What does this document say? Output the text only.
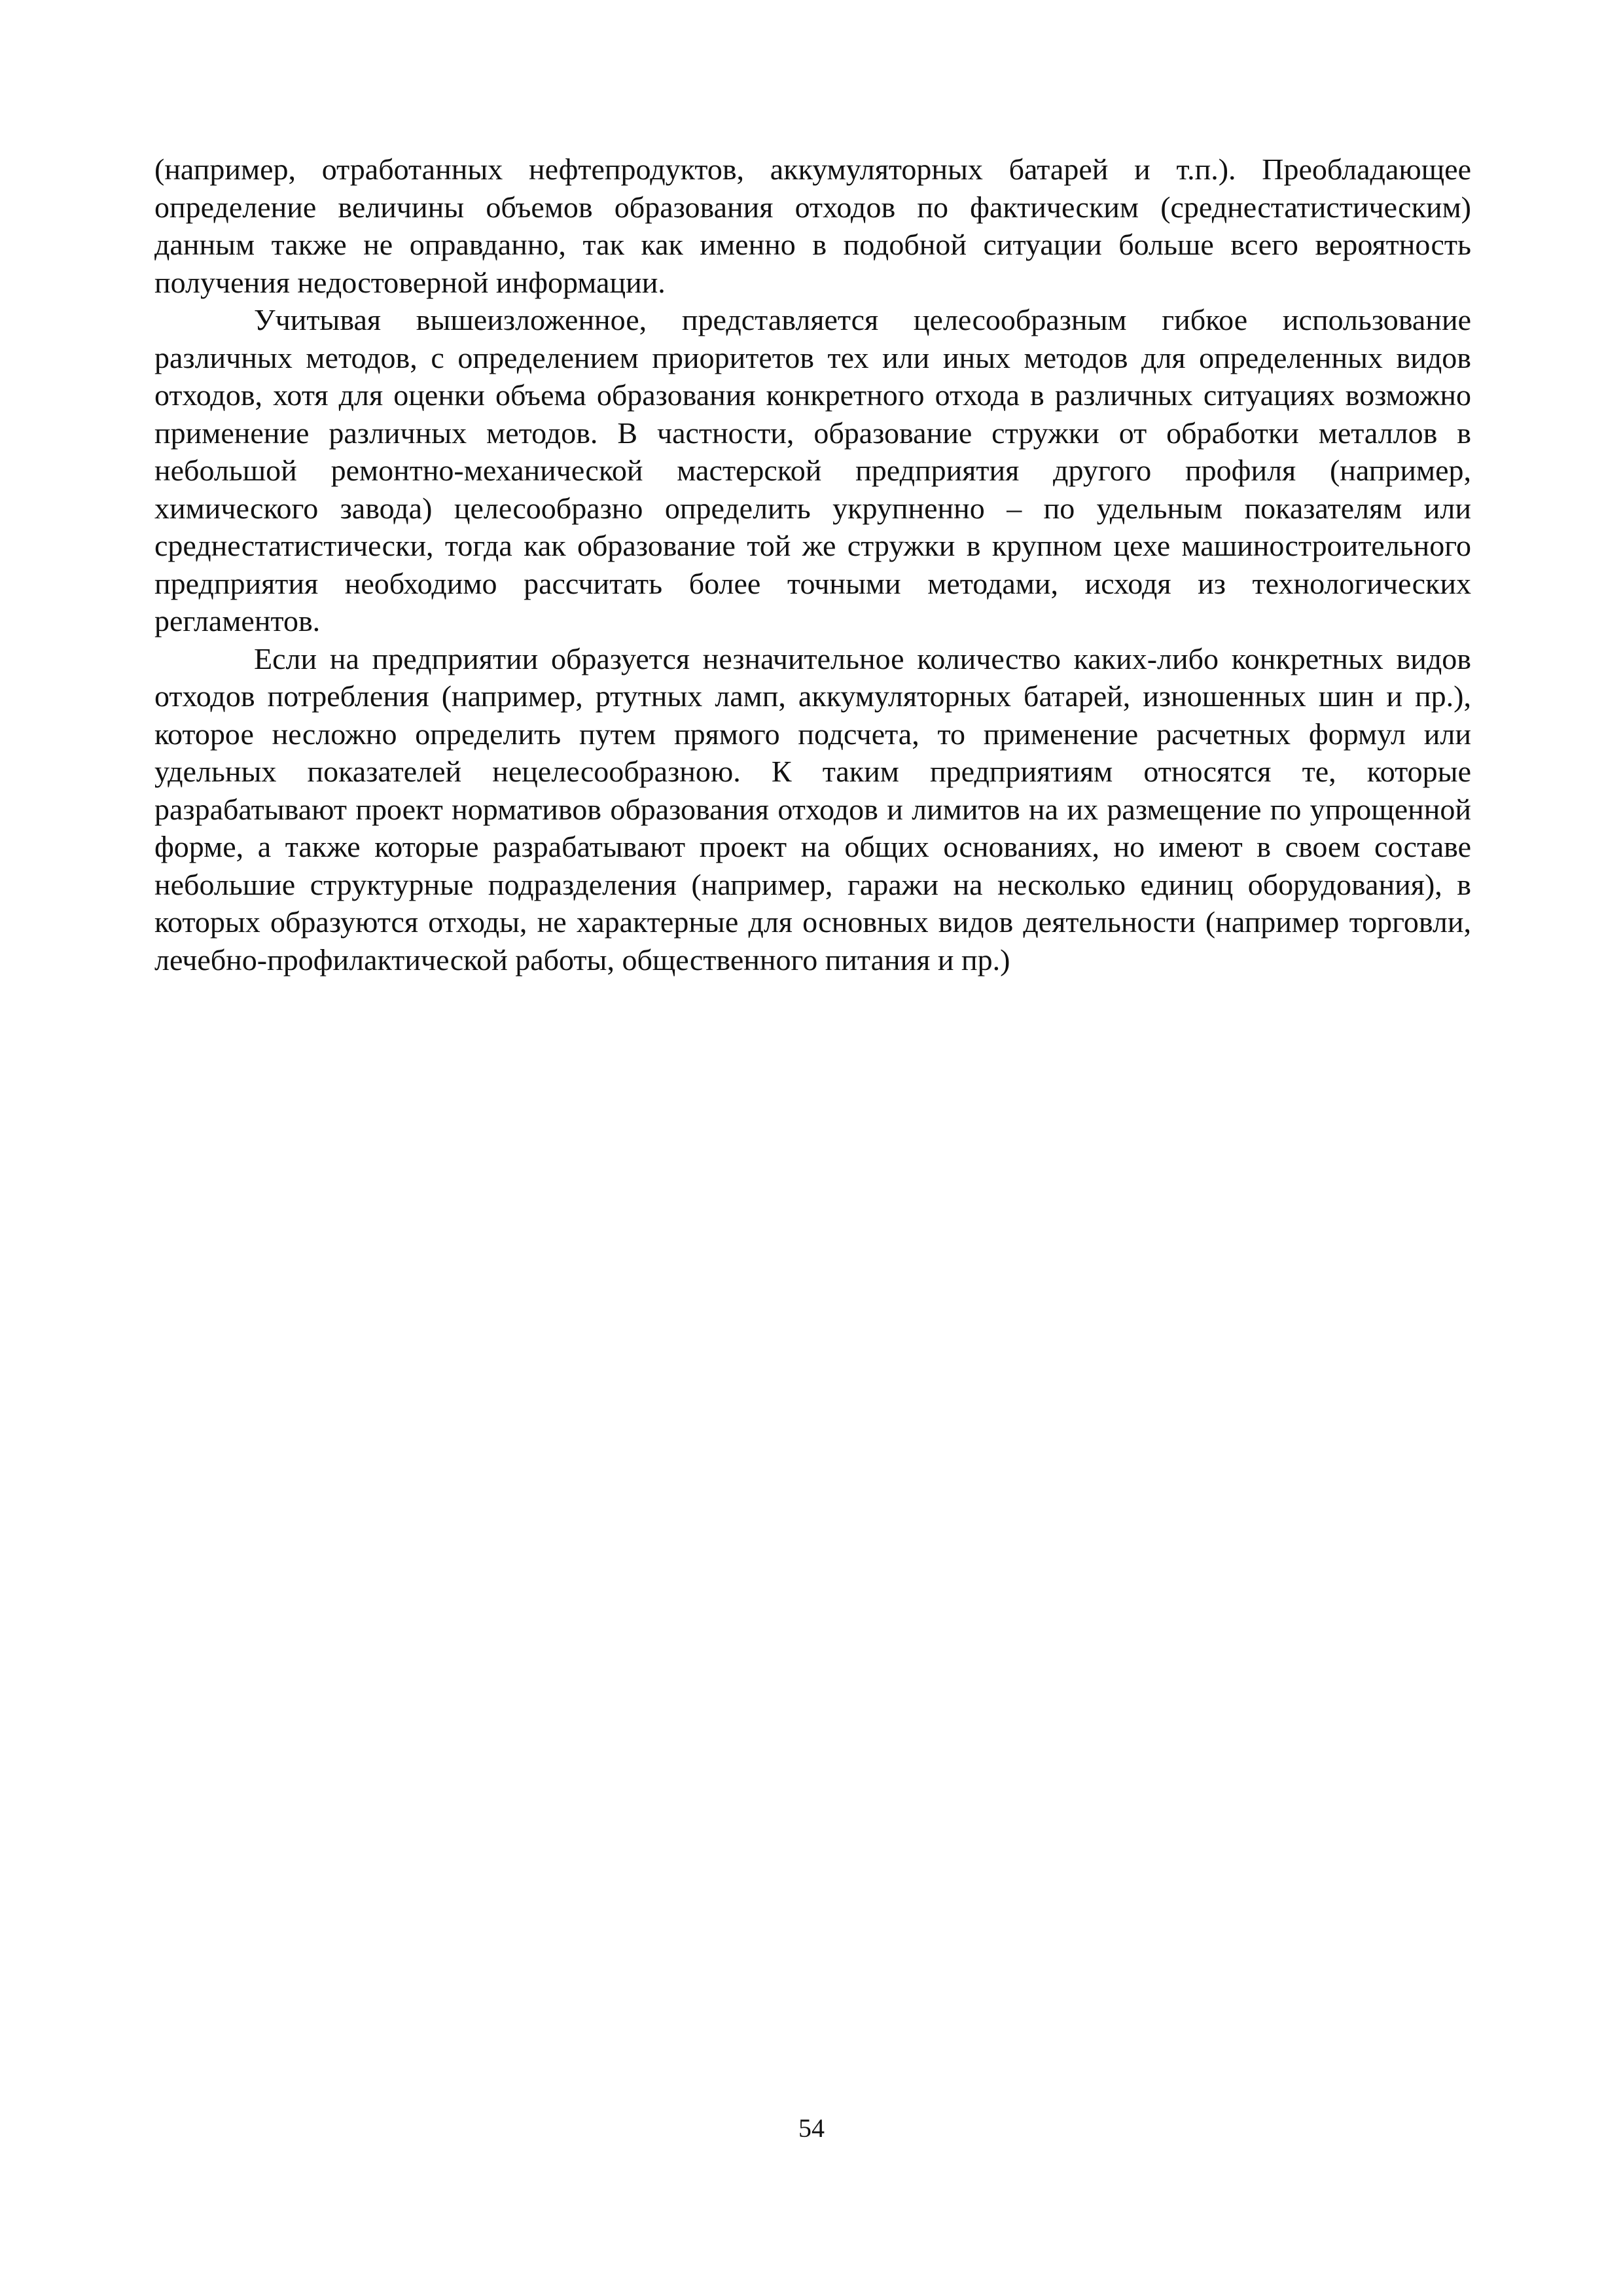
(например, отработанных нефтепродуктов, аккумуляторных батарей и т.п.). Преобладающее определение величины объемов образования отходов по фактическим (среднестатистическим) данным также не оправданно, так как именно в подобной ситуации больше всего вероятность получения недостоверной информации.

Учитывая вышеизложенное, представляется целесообразным гибкое использование различных методов, с определением приоритетов тех или иных методов для определенных видов отходов, хотя для оценки объема образования конкретного отхода в различных ситуациях возможно применение различных методов. В частности, образование стружки от обработки металлов в небольшой ремонтно-механической мастерской предприятия другого профиля (например, химического завода) целесообразно определить укрупненно – по удельным показателям или среднестатистически, тогда как образование той же стружки в крупном цехе машиностроительного предприятия необходимо рассчитать более точными методами, исходя из технологических регламентов.

Если на предприятии образуется незначительное количество каких-либо конкретных видов отходов потребления (например, ртутных ламп, аккумуляторных батарей, изношенных шин и пр.), которое несложно определить путем прямого подсчета, то применение расчетных формул или удельных показателей нецелесообразною. К таким предприятиям относятся те, которые разрабатывают проект нормативов образования отходов и лимитов на их размещение по упрощенной форме, а также которые разрабатывают проект на общих основаниях, но имеют в своем составе небольшие структурные подразделения (например, гаражи на несколько единиц оборудования), в которых образуются отходы, не характерные для основных видов деятельности (например торговли, лечебно-профилактической работы, общественного питания и пр.)

54
